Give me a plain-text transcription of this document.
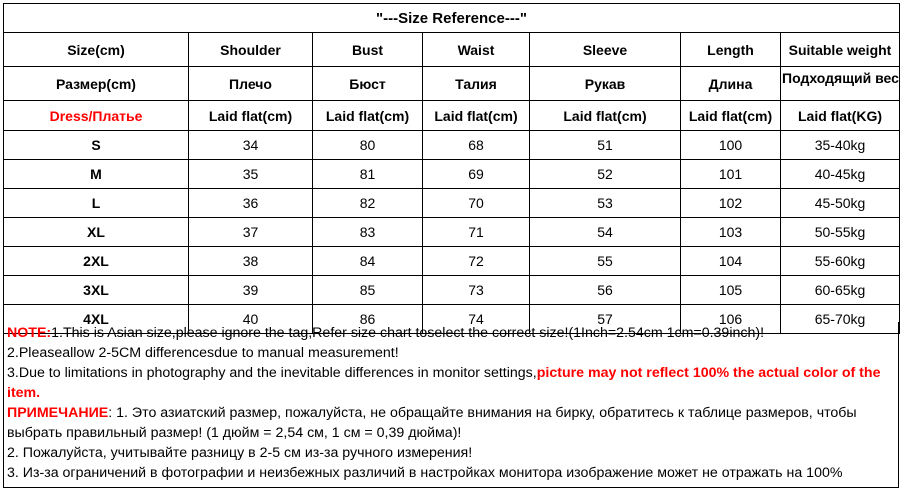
"---Size Reference---"						
Size(cm)	Shoulder	Bust	Waist	Sleeve	Length	Suitable weight
Размер(cm)	Плечо	Бюст	Талия	Рукав	Длина	Подходящий вес

Dress/Платье	Laid flat(cm)	Laid flat(cm)	Laid flat(cm)	Laid flat(cm)	Laid flat(cm)	Laid flat(KG)
S	34	80	68	51	100	35-40kg
M	35	81	69	52	101	40-45kg
L	36	82	70	53	102	45-50kg
XL	37	83	71	54	103	50-55kg
2XL	38	84	72	55	104	55-60kg
3XL	39	85	73	56	105	60-65kg
4XL	40	86	74	57	106	65-70kg

NOTE:1.This is Asian size,please ignore the tag,Refer size chart toselect the correct size!(1Inch=2.54cm 1cm=0.39inch)!

2.Pleaseallow 2-5CM differencesdue to manual measurement!

3.Due to limitations in photography and the inevitable differences in monitor settings,picture may not reflect 100% the actual color of the item.

ПРИМЕЧАНИЕ: 1. Это азиатский размер, пожалуйста, не обращайте внимания на бирку, обратитесь к таблице размеров, чтобы выбрать правильный размер! (1 дюйм = 2,54 см, 1 см = 0,39 дюйма)!

2. Пожалуйста, учитывайте разницу в 2-5 см из-за ручного измерения!

3. Из-за ограничений в фотографии и неизбежных различий в настройках монитора изображение может не отражать на 100%
